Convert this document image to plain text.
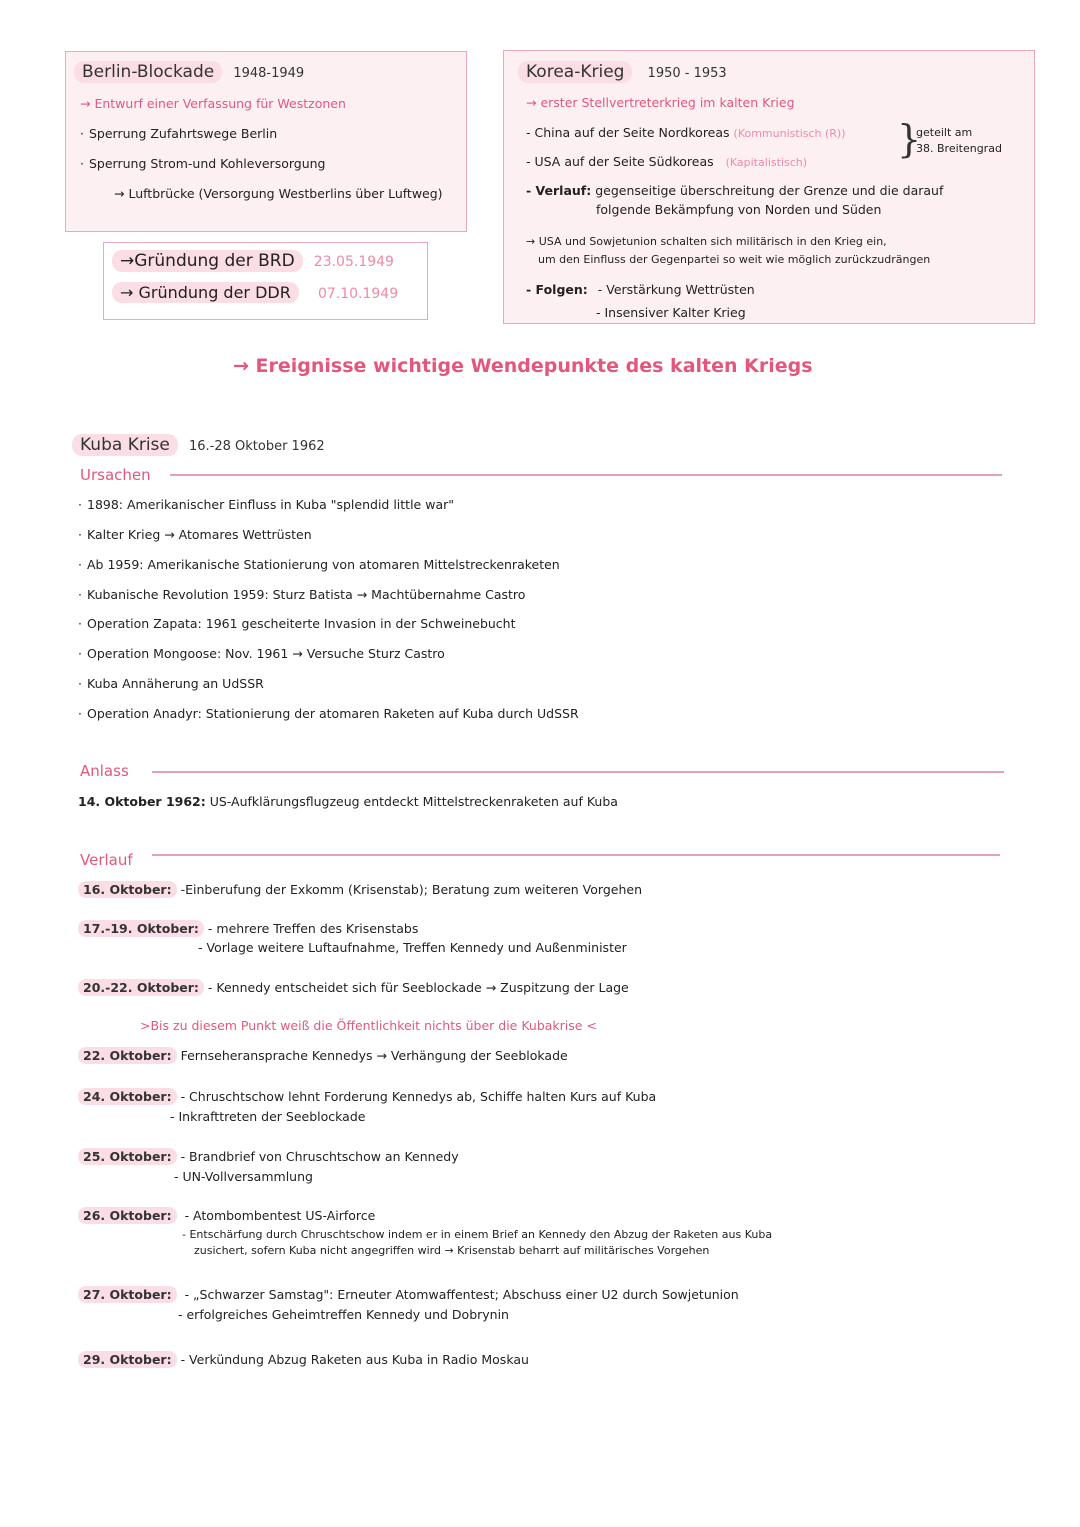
Berlin-Blockade 1948-1949
→ Entwurf einer Verfassung für Westzonen
· Sperrung Zufahrtswege Berlin
· Sperrung Strom-und Kohleversorgung
→ Luftbrücke (Versorgung Westberlins über Luftweg)
→Gründung der BRD 23.05.1949
→ Gründung der DDR 07.10.1949
Korea-Krieg 1950 - 1953
→ erster Stellvertreterkrieg im kalten Krieg
- China auf der Seite Nordkoreas (Kommunistisch (R))
- USA auf der Seite Südkoreas (Kapitalistisch)
}
geteilt am
38. Breitengrad
- Verlauf: gegenseitige überschreitung der Grenze und die darauf
folgende Bekämpfung von Norden und Süden
→ USA und Sowjetunion schalten sich militärisch in den Krieg ein,
um den Einfluss der Gegenpartei so weit wie möglich zurückzudrängen
- Folgen: - Verstärkung Wettrüsten
- Insensiver Kalter Krieg
→ Ereignisse wichtige Wendepunkte des kalten Kriegs
Kuba Krise 16.-28 Oktober 1962
Ursachen
· 1898: Amerikanischer Einfluss in Kuba "splendid little war"
· Kalter Krieg → Atomares Wettrüsten
· Ab 1959: Amerikanische Stationierung von atomaren Mittelstreckenraketen
· Kubanische Revolution 1959: Sturz Batista → Machtübernahme Castro
· Operation Zapata: 1961 gescheiterte Invasion in der Schweinebucht
· Operation Mongoose: Nov. 1961 → Versuche Sturz Castro
· Kuba Annäherung an UdSSR
· Operation Anadyr: Stationierung der atomaren Raketen auf Kuba durch UdSSR
Anlass
14. Oktober 1962: US-Aufklärungsflugzeug entdeckt Mittelstreckenraketen auf Kuba
Verlauf
16. Oktober: -Einberufung der Exkomm (Krisenstab); Beratung zum weiteren Vorgehen
17.-19. Oktober: - mehrere Treffen des Krisenstabs
- Vorlage weitere Luftaufnahme, Treffen Kennedy und Außenminister
20.-22. Oktober: - Kennedy entscheidet sich für Seeblockade → Zuspitzung der Lage
>Bis zu diesem Punkt weiß die Öffentlichkeit nichts über die Kubakrise <
22. Oktober: Fernseheransprache Kennedys → Verhängung der Seeblokade
24. Oktober: - Chruschtschow lehnt Forderung Kennedys ab, Schiffe halten Kurs auf Kuba
- Inkrafttreten der Seeblockade
25. Oktober: - Brandbrief von Chruschtschow an Kennedy
- UN-Vollversammlung
26. Oktober: - Atombombentest US-Airforce
- Entschärfung durch Chruschtschow indem er in einem Brief an Kennedy den Abzug der Raketen aus Kuba
zusichert, sofern Kuba nicht angegriffen wird → Krisenstab beharrt auf militärisches Vorgehen
27. Oktober: - „Schwarzer Samstag": Erneuter Atomwaffentest; Abschuss einer U2 durch Sowjetunion
- erfolgreiches Geheimtreffen Kennedy und Dobrynin
29. Oktober: - Verkündung Abzug Raketen aus Kuba in Radio Moskau
